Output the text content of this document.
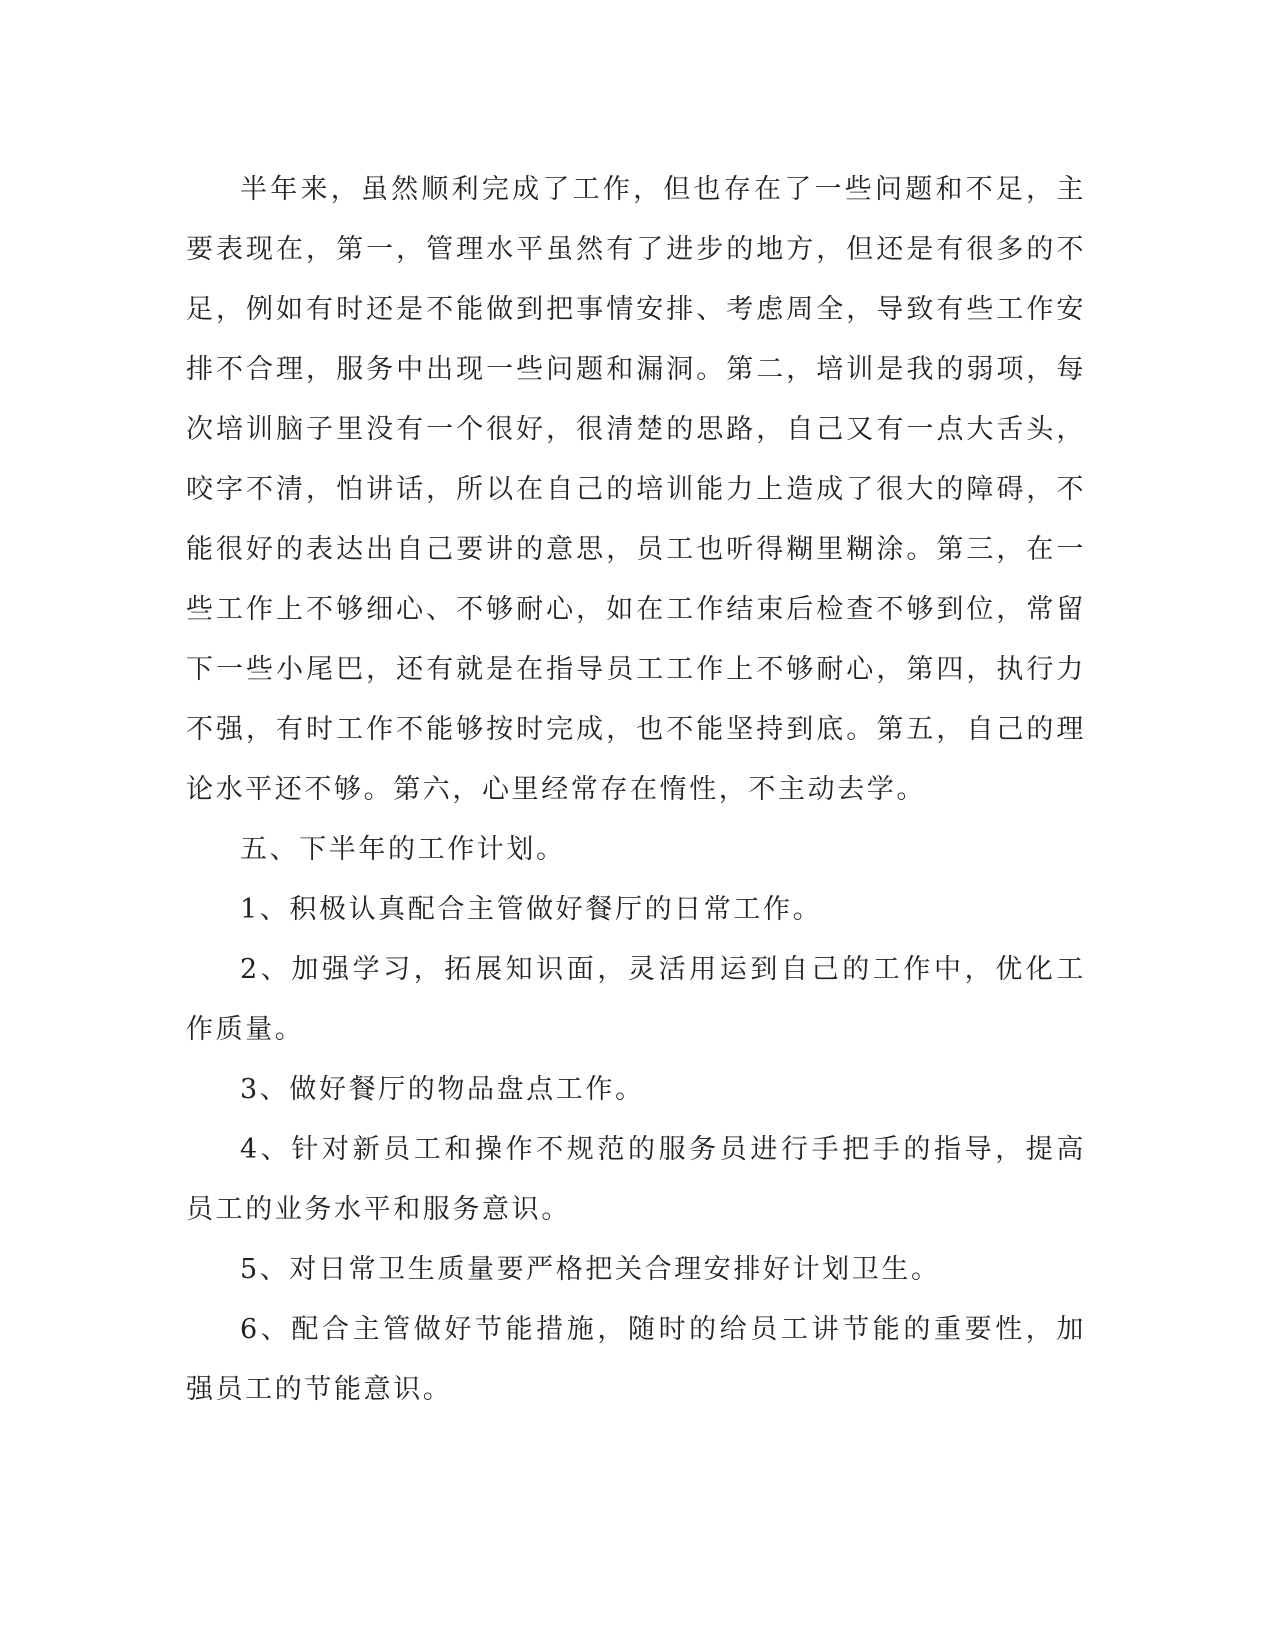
半年来，虽然顺利完成了工作，但也存在了一些问题和不足，主要表现在，第一，管理水平虽然有了进步的地方，但还是有很多的不足，例如有时还是不能做到把事情安排、考虑周全，导致有些工作安排不合理，服务中出现一些问题和漏洞。第二，培训是我的弱项，每次培训脑子里没有一个很好，很清楚的思路，自己又有一点大舌头，咬字不清，怕讲话，所以在自己的培训能力上造成了很大的障碍，不能很好的表达出自己要讲的意思，员工也听得糊里糊涂。第三，在一些工作上不够细心、不够耐心，如在工作结束后检查不够到位，常留下一些小尾巴，还有就是在指导员工工作上不够耐心，第四，执行力不强，有时工作不能够按时完成，也不能坚持到底。第五，自己的理论水平还不够。第六，心里经常存在惰性，不主动去学。

五、下半年的工作计划。

1、积极认真配合主管做好餐厅的日常工作。

2、加强学习，拓展知识面，灵活用运到自己的工作中，优化工作质量。

3、做好餐厅的物品盘点工作。

4、针对新员工和操作不规范的服务员进行手把手的指导，提高员工的业务水平和服务意识。

5、对日常卫生质量要严格把关合理安排好计划卫生。

6、配合主管做好节能措施，随时的给员工讲节能的重要性，加强员工的节能意识。
